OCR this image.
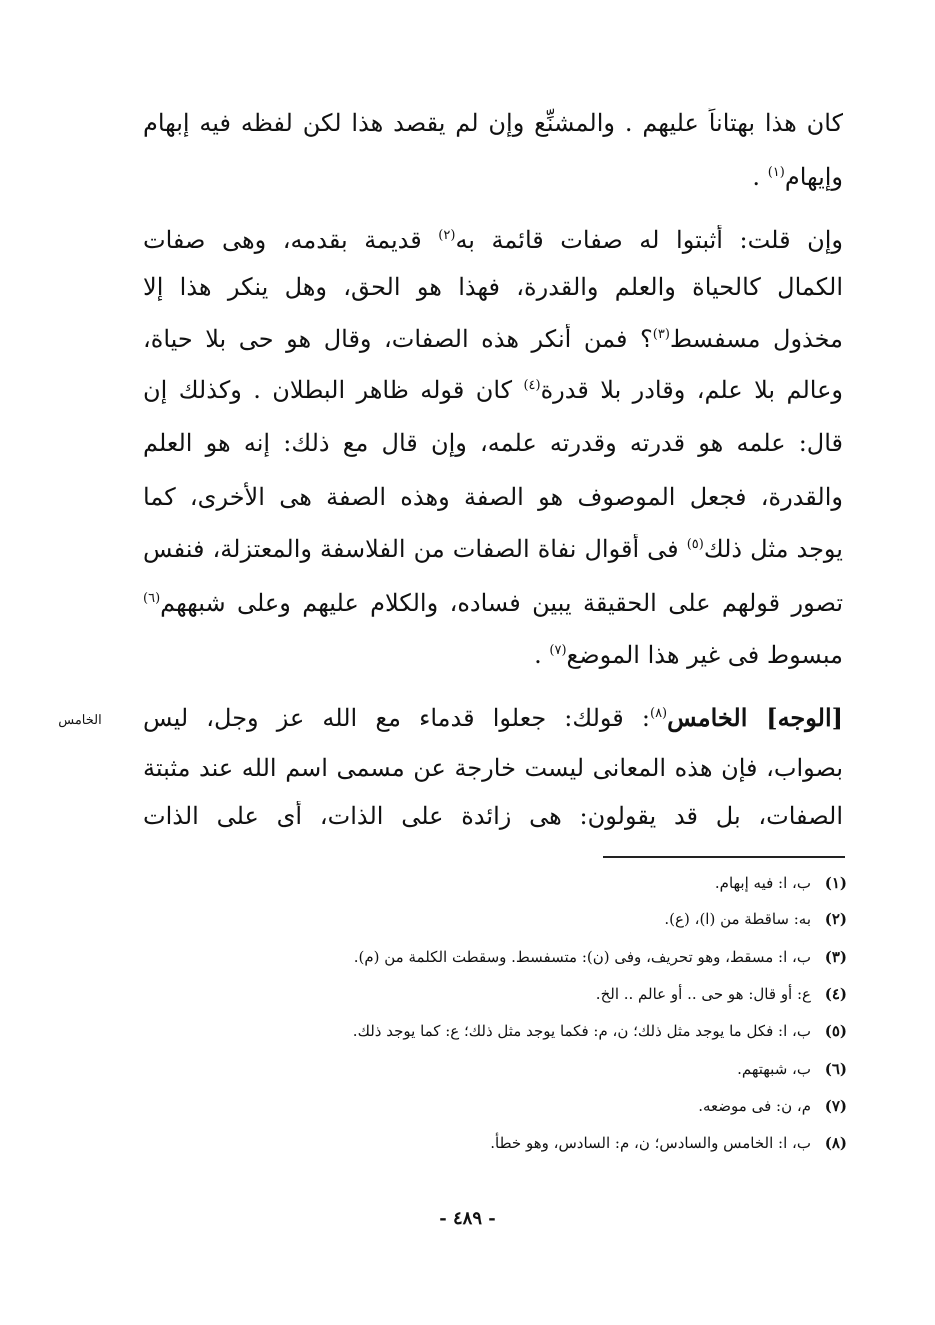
كان هذا بهتاناً عليهم . والمشنِّع وإن لم يقصد هذا لكن لفظه فيه إبهام
وإيهام$^{(١)}$ .
وإن قلت: أثبتوا له صفات قائمة به$^{(٢)}$ قديمة بقدمه، وهى صفات
الكمال كالحياة والعلم والقدرة، فهذا هو الحق، وهل ينكر هذا إلا
مخذول مسفسط$^{(٣)}$؟ فمن أنكر هذه الصفات، وقال هو حى بلا حياة،
وعالم بلا علم، وقادر بلا قدرة$^{(٤)}$ كان قوله ظاهر البطلان . وكذلك إن
قال: علمه هو قدرته وقدرته علمه، وإن قال مع ذلك: إنه هو العلم
والقدرة، فجعل الموصوف هو الصفة وهذه الصفة هى الأخرى، كما
يوجد مثل ذلك$^{(٥)}$ فى أقوال نفاة الصفات من الفلاسفة والمعتزلة، فنفس
تصور قولهم على الحقيقة يبين فساده، والكلام عليهم وعلى شبههم$^{(٦)}$
مبسوط فى غير هذا الموضع$^{(٧)}$ .
[الوجه] الخامس$^{(٨)}$: قولك: جعلوا قدماء مع الله عز وجل، ليس
بصواب، فإن هذه المعانى ليست خارجة عن مسمى اسم الله عند مثبتة
الصفات، بل قد يقولون: هى زائدة على الذات، أى على الذات
الخامس
(١)ب، ا: فيه إبهام.
(٢)به: ساقطة من (ا)، (ع).
(٣)ب، ا: مسقط، وهو تحريف، وفى (ن): متسفسط. وسقطت الكلمة من (م).
(٤)ع: أو قال: هو حى .. أو عالم .. الخ.
(٥)ب، ا: فكل ما يوجد مثل ذلك؛ ن، م: فكما يوجد مثل ذلك؛ ع: كما يوجد ذلك.
(٦)ب، شبهتهم.
(٧)م، ن: فى موضعه.
(٨)ب، ا: الخامس والسادس؛ ن، م: السادس، وهو خطأ.
- ٤٨٩ -
